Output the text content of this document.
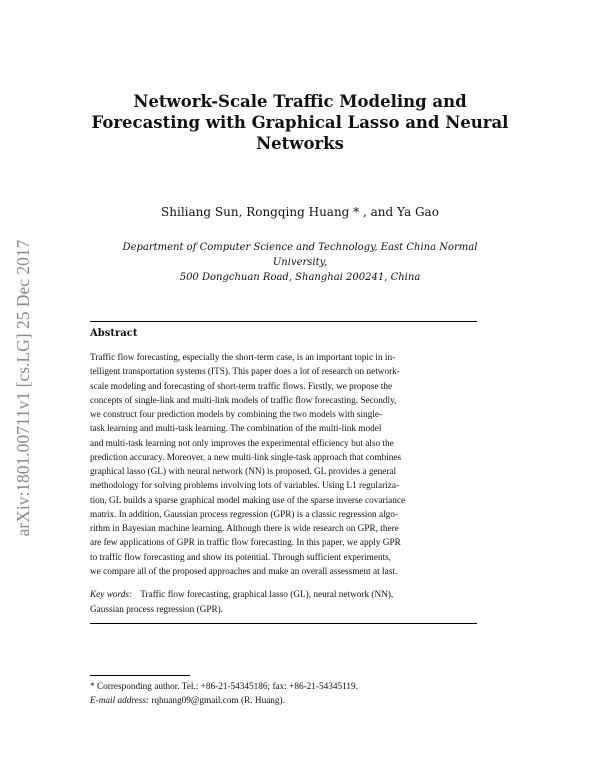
arXiv:1801.00711v1 [cs.LG] 25 Dec 2017
Network-Scale Traffic Modeling and
Forecasting with Graphical Lasso and Neural
Networks
Shiliang Sun, Rongqing Huang * , and Ya Gao
Department of Computer Science and Technology, East China Normal University,
500 Dongchuan Road, Shanghai 200241, China
Abstract
Traffic flow forecasting, especially the short-term case, is an important topic in in-
telligent transportation systems (ITS). This paper does a lot of research on network-
scale modeling and forecasting of short-term traffic flows. Firstly, we propose the
concepts of single-link and multi-link models of traffic flow forecasting. Secondly,
we construct four prediction models by combining the two models with single-
task learning and multi-task learning. The combination of the multi-link model
and multi-task learning not only improves the experimental efficiency but also the
prediction accuracy. Moreover, a new multi-link single-task approach that combines
graphical lasso (GL) with neural network (NN) is proposed. GL provides a general
methodology for solving problems involving lots of variables. Using L1 regulariza-
tion, GL builds a sparse graphical model making use of the sparse inverse covariance
matrix. In addition, Gaussian process regression (GPR) is a classic regression algo-
rithm in Bayesian machine learning. Although there is wide research on GPR, there
are few applications of GPR in traffic flow forecasting. In this paper, we apply GPR
to traffic flow forecasting and show its potential. Through sufficient experiments,
we compare all of the proposed approaches and make an overall assessment at last.
Key words: Traffic flow forecasting, graphical lasso (GL), neural network (NN),
Gaussian process regression (GPR).
* Corresponding author. Tel.: +86-21-54345186; fax: +86-21-54345119.
E-mail address: rqhuang09@gmail.com (R. Huang).
